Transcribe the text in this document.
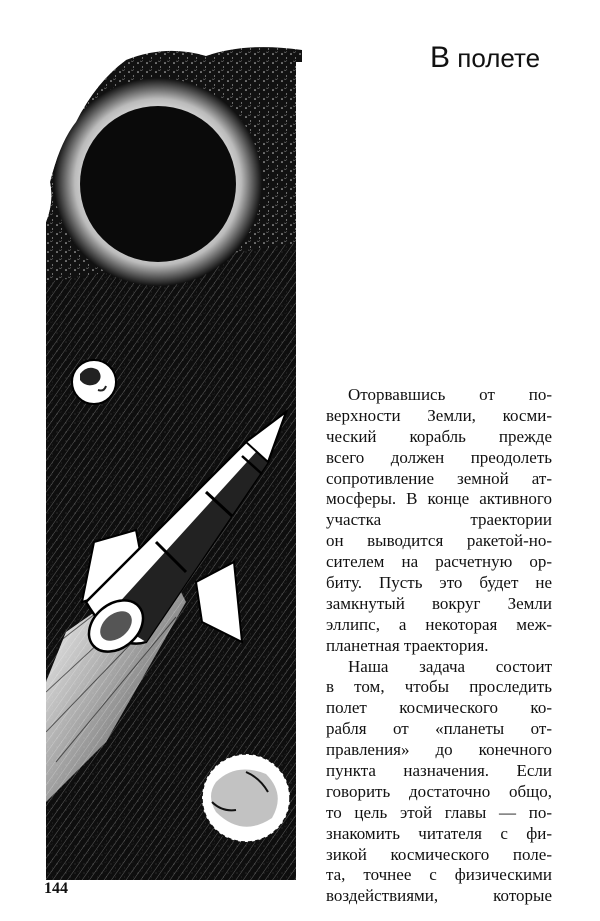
В полете
Оторвавшись от по-
верхности Земли, косми-
ческий корабль прежде
всего должен преодолеть
сопротивление земной ат-
мосферы. В конце активного
участка траектории
он выводится ракетой-но-
сителем на расчетную ор-
биту. Пусть это будет не
замкнутый вокруг Земли
эллипс, а некоторая меж-
планетная траектория.
Наша задача состоит
в том, чтобы проследить
полет космического ко-
рабля от «планеты от-
правления» до конечного
пункта назначения. Если
говорить достаточно общо,
то цель этой главы — по-
знакомить читателя с фи-
зикой космического поле-
та, точнее с физическими
воздействиями, которые
144
